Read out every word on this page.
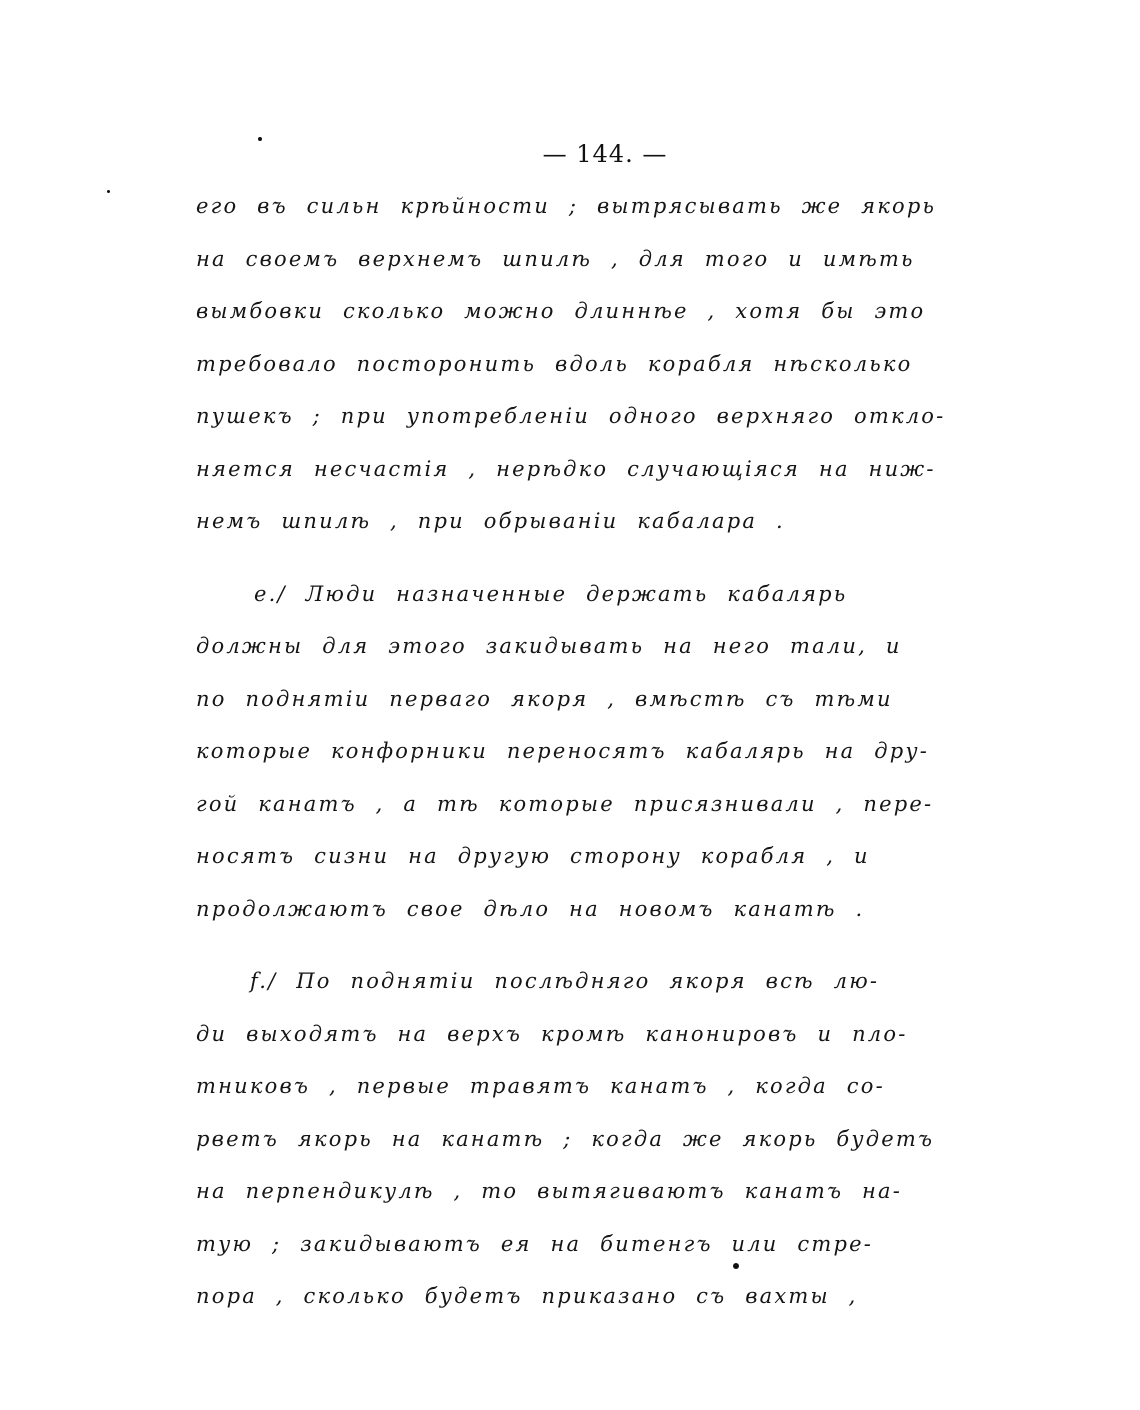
— 144. —
его въ сильн крѣйности ; вытрясывать же якорь
на своемъ верхнемъ шпилѣ , для того и имѣть
вымбовки сколько можно длиннѣе , хотя бы это
требовало посторонить вдоль корабля нѣсколько
пушекъ ; при употребленіи одного верхняго откло-
няется несчастія , нерѣдко случающіяся на ниж-
немъ шпилѣ , при обрываніи кабалара .
e./ Люди назначенные держать кабалярь
должны для этого закидывать на него тали, и
по поднятіи перваго якоря , вмѣстѣ съ тѣми
которые конфорники переносятъ кабалярь на дру-
гой канатъ , а тѣ которые присязнивали , пере-
носятъ сизни на другую сторону корабля , и
продолжаютъ свое дѣло на новомъ канатѣ .
f./ По поднятіи послѣдняго якоря всѣ лю-
ди выходятъ на верхъ кромѣ канонировъ и пло-
тниковъ , первые травятъ канатъ , когда со-
рветъ якорь на канатѣ ; когда же якорь будетъ
на перпендикулѣ , то вытягиваютъ канатъ на-
тую ; закидываютъ ея на битенгъ или стре-
пора , сколько будетъ приказано съ вахты ,
